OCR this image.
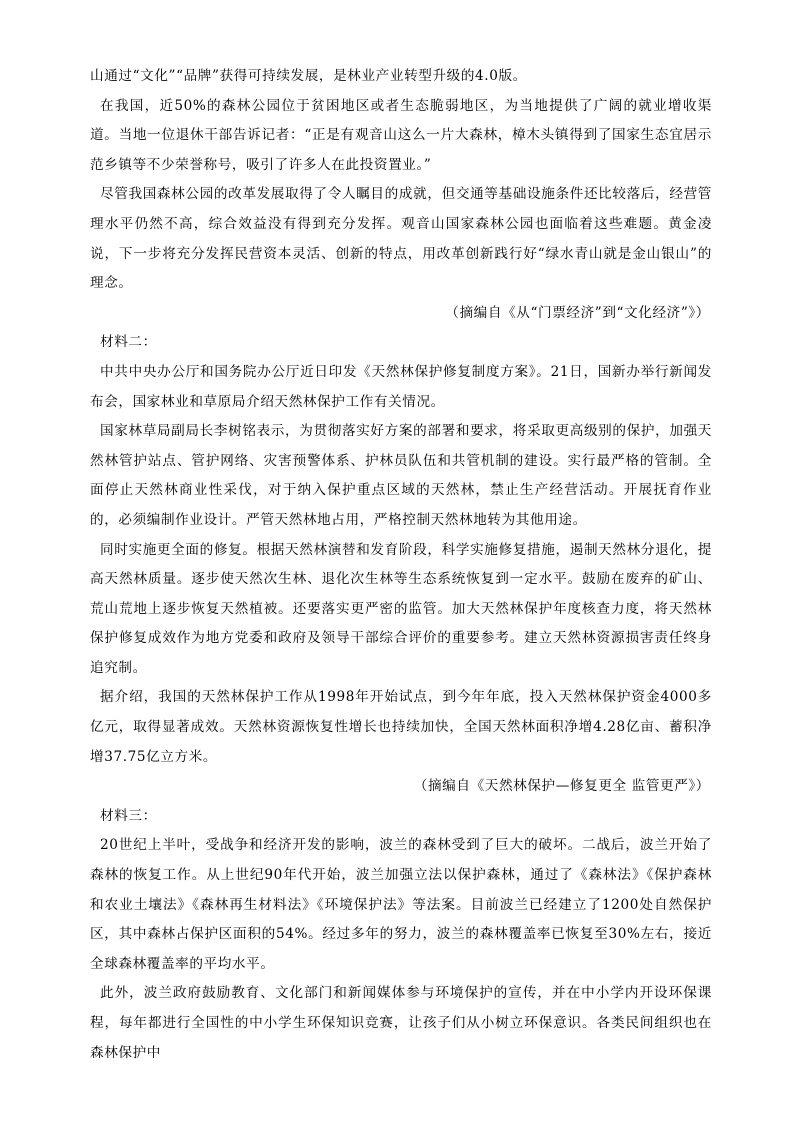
山通过“文化”“品牌”获得可持续发展，是林业产业转型升级的4.0版。

在我国，近50%的森林公园位于贫困地区或者生态脆弱地区，为当地提供了广阔的就业增收渠道。当地一位退休干部告诉记者：“正是有观音山这么一片大森林，樟木头镇得到了国家生态宜居示范乡镇等不少荣誉称号，吸引了许多人在此投资置业。”

尽管我国森林公园的改革发展取得了令人瞩目的成就，但交通等基础设施条件还比较落后，经营管理水平仍然不高，综合效益没有得到充分发挥。观音山国家森林公园也面临着这些难题。黄金凌说，下一步将充分发挥民营资本灵活、创新的特点，用改革创新践行好“绿水青山就是金山银山”的理念。

（摘编自《从“门票经济”到“文化经济”》）

材料二：

中共中央办公厅和国务院办公厅近日印发《天然林保护修复制度方案》。21日，国新办举行新闻发布会，国家林业和草原局介绍天然林保护工作有关情况。

国家林草局副局长李树铭表示，为贯彻落实好方案的部署和要求，将采取更高级别的保护，加强天然林管护站点、管护网络、灾害预警体系、护林员队伍和共管机制的建设。实行最严格的管制。全面停止天然林商业性采伐，对于纳入保护重点区域的天然林，禁止生产经营活动。开展抚育作业的，必须编制作业设计。严管天然林地占用，严格控制天然林地转为其他用途。

同时实施更全面的修复。根据天然林演替和发育阶段，科学实施修复措施，遏制天然林分退化，提高天然林质量。逐步使天然次生林、退化次生林等生态系统恢复到一定水平。鼓励在废弃的矿山、荒山荒地上逐步恢复天然植被。还要落实更严密的监管。加大天然林保护年度核查力度，将天然林保护修复成效作为地方党委和政府及领导干部综合评价的重要参考。建立天然林资源损害责任终身追究制。

据介绍，我国的天然林保护工作从1998年开始试点，到今年年底，投入天然林保护资金4000多亿元，取得显著成效。天然林资源恢复性增长也持续加快，全国天然林面积净增4.28亿亩、蓄积净增37.75亿立方米。

（摘编自《天然林保护—修复更全 监管更严》）

材料三：

20世纪上半叶，受战争和经济开发的影响，波兰的森林受到了巨大的破坏。二战后，波兰开始了森林的恢复工作。从上世纪90年代开始，波兰加强立法以保护森林，通过了《森林法》《保护森林和农业土壤法》《森林再生材料法》《环境保护法》等法案。目前波兰已经建立了1200处自然保护区，其中森林占保护区面积的54%。经过多年的努力，波兰的森林覆盖率已恢复至30%左右，接近全球森林覆盖率的平均水平。

此外，波兰政府鼓励教育、文化部门和新闻媒体参与环境保护的宣传，并在中小学内开设环保课程，每年都进行全国性的中小学生环保知识竞赛，让孩子们从小树立环保意识。各类民间组织也在森林保护中
